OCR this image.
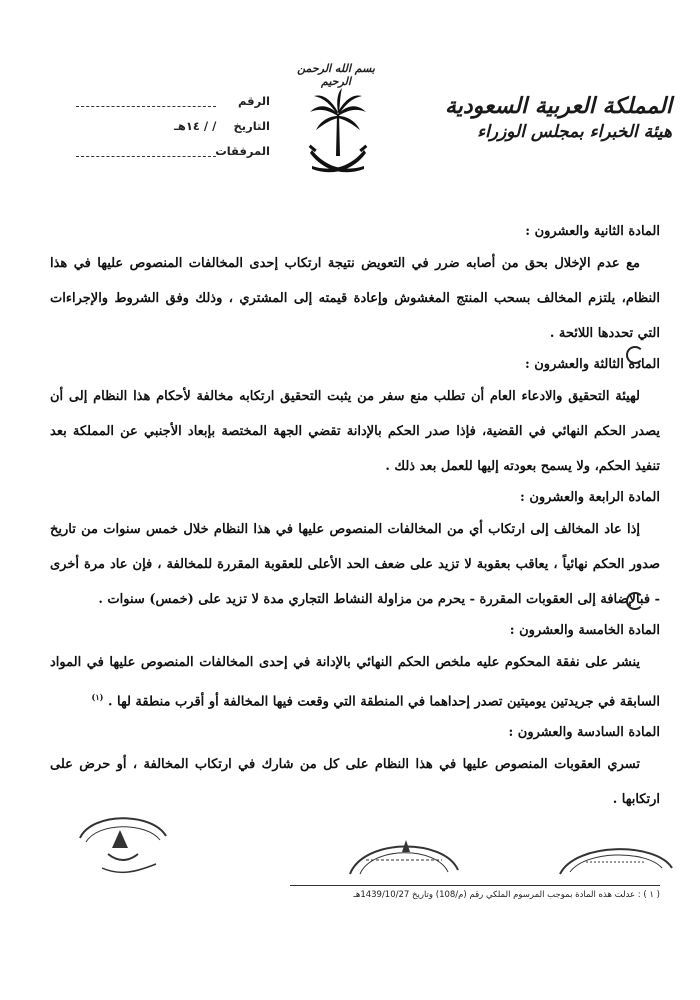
بسم الله الرحمن الرحيم
المملكة العربية السعودية
هيئة الخبراء بمجلس الوزراء
الرقم
التاريخ / / ١٤هـ
المرفقات
المادة الثانية والعشرون :

مع عدم الإخلال بحق من أصابه ضرر في التعويض نتيجة ارتكاب إحدى المخالفات المنصوص عليها في هذا النظام، يلتزم المخالف بسحب المنتج المغشوش وإعادة قيمته إلى المشتري ، وذلك وفق الشروط والإجراءات التي تحددها اللائحة .

المادة الثالثة والعشرون :

لهيئة التحقيق والادعاء العام أن تطلب منع سفر من يثبت التحقيق ارتكابه مخالفة لأحكام هذا النظام إلى أن يصدر الحكم النهائي في القضية، فإذا صدر الحكم بالإدانة تقضي الجهة المختصة بإبعاد الأجنبي عن المملكة بعد تنفيذ الحكم، ولا يسمح بعودته إليها للعمل بعد ذلك .

المادة الرابعة والعشرون :

إذا عاد المخالف إلى ارتكاب أي من المخالفات المنصوص عليها في هذا النظام خلال خمس سنوات من تاريخ صدور الحكم نهائياً ، يعاقب بعقوبة لا تزيد على ضعف الحد الأعلى للعقوبة المقررة للمخالفة ، فإن عاد مرة أخرى - فبالإضافة إلى العقوبات المقررة - يحرم من مزاولة النشاط التجاري مدة لا تزيد على (خمس) سنوات .

المادة الخامسة والعشرون :

ينشر على نفقة المحكوم عليه ملخص الحكم النهائي بالإدانة في إحدى المخالفات المنصوص عليها في المواد السابقة في جريدتين يوميتين تصدر إحداهما في المنطقة التي وقعت فيها المخالفة أو أقرب منطقة لها . $^{(١)}$

المادة السادسة والعشرون :

تسري العقوبات المنصوص عليها في هذا النظام على كل من شارك في ارتكاب المخالفة ، أو حرض على ارتكابها .

( ١ ) : عدلت هذه المادة بموجب المرسوم الملكي رقم (م/108) وتاريخ 1439/10/27هـ
